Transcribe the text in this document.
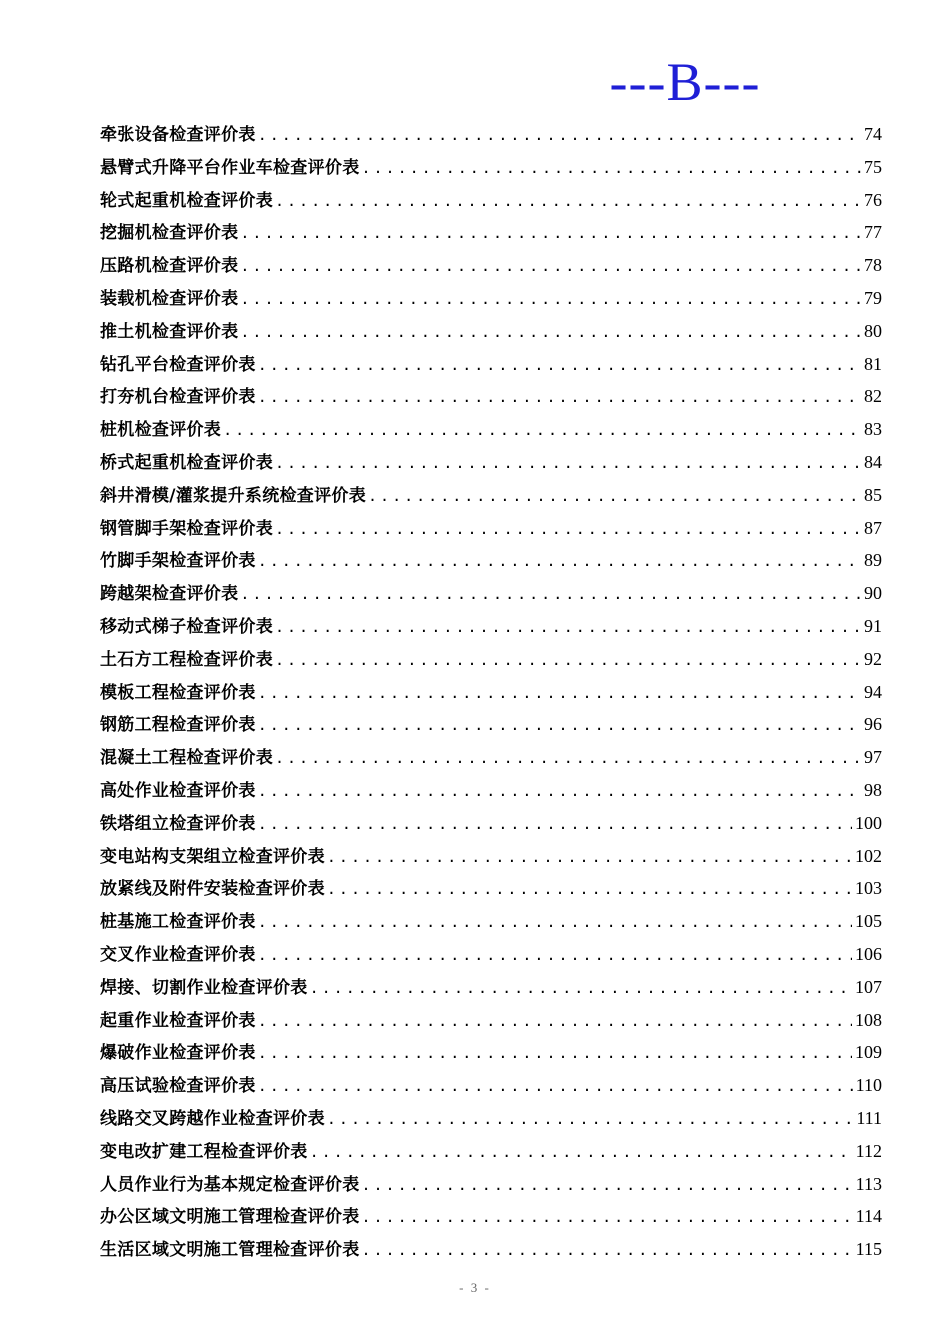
---B---
牵张设备检查评价表 .....	74
悬臂式升降平台作业车检查评价表 .....	75
轮式起重机检查评价表 .....	76
挖掘机检查评价表 .....	77
压路机检查评价表 .....	78
装载机检查评价表 .....	79
推土机检查评价表 .....	80
钻孔平台检查评价表 .....	81
打夯机台检查评价表 .....	82
桩机检查评价表 .....	83
桥式起重机检查评价表 .....	84
斜井滑模/灌浆提升系统检查评价表 .....	85
钢管脚手架检查评价表 .....	87
竹脚手架检查评价表 .....	89
跨越架检查评价表 .....	90
移动式梯子检查评价表 .....	91
土石方工程检查评价表 .....	92
模板工程检查评价表 .....	94
钢筋工程检查评价表 .....	96
混凝土工程检查评价表 .....	97
高处作业检查评价表 .....	98
铁塔组立检查评价表 .....	100
变电站构支架组立检查评价表 .....	102
放紧线及附件安装检查评价表 .....	103
桩基施工检查评价表 .....	105
交叉作业检查评价表 .....	106
焊接、切割作业检查评价表 .....	107
起重作业检查评价表 .....	108
爆破作业检查评价表 .....	109
高压试验检查评价表 .....	110
线路交叉跨越作业检查评价表 .....	111
变电改扩建工程检查评价表 .....	112
人员作业行为基本规定检查评价表 .....	113
办公区域文明施工管理检查评价表 .....	114
生活区域文明施工管理检查评价表 .....	115
- 3 -
